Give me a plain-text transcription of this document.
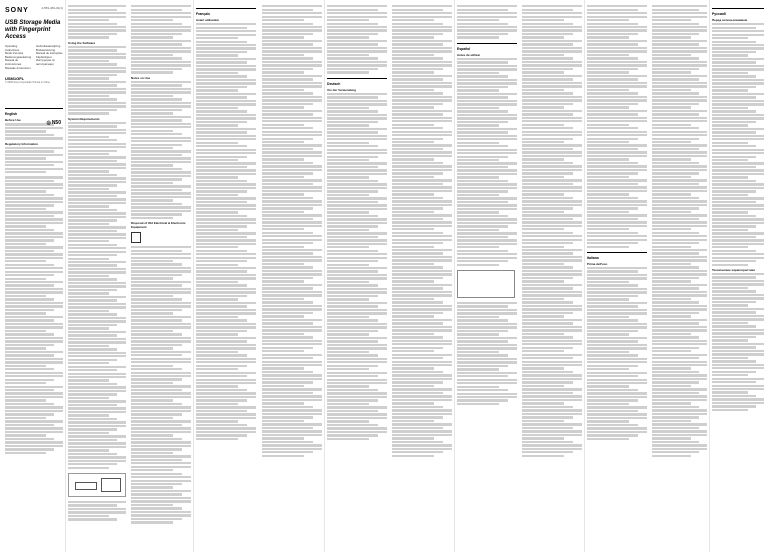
4-559-469-02(1)
SONY
USB Storage Media with Fingerprint Access
Operating Instructions
Mode d'emploi
Bedienungsanleitung
Manual de instrucciones
Manuale di istruzioni
Gebruiksaanwijzing
Bruksanvisning
Manual de instruções
Käyttöohjeet
Инструкция по эксплуатации
USM1GFL
© 2009 Sony Corporation Printed in China
◎ N50
English
Before Use
Regulatory Information
Using the Software
System Requirements
Notes on Use
Disposal of Old Electrical & Electronic Equipment
Français
Avant utilisation
Deutsch
Vor der Verwendung
Español
Antes de utilizar
Italiano
Prima dell'uso
Русский
Перед использованием
Технические характеристики
